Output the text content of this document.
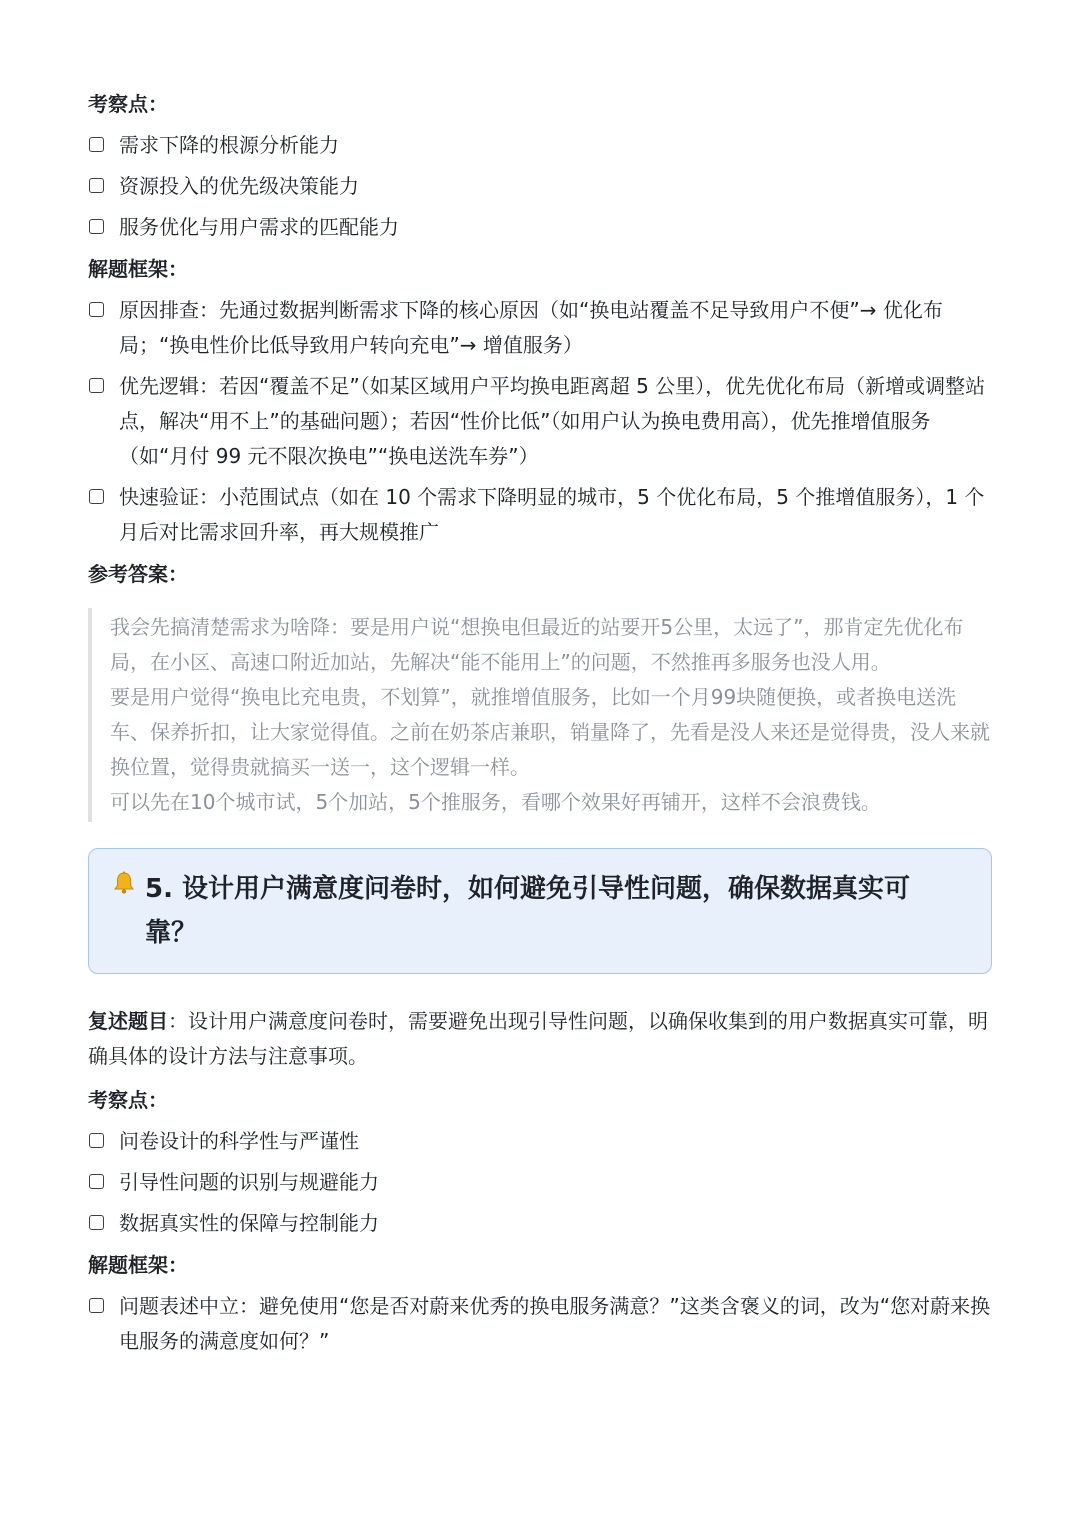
考察点：
需求下降的根源分析能力
资源投入的优先级决策能力
服务优化与用户需求的匹配能力
解题框架：
原因排查：先通过数据判断需求下降的核心原因（如“换电站覆盖不足导致用户不便”→ 优化布局；“换电性价比低导致用户转向充电”→ 增值服务）
优先逻辑：若因“覆盖不足”（如某区域用户平均换电距离超 5 公里），优先优化布局（新增或调整站点，解决“用不上”的基础问题）；若因“性价比低”（如用户认为换电费用高），优先推增值服务（如“月付 99 元不限次换电”“换电送洗车券”）
快速验证：小范围试点（如在 10 个需求下降明显的城市，5 个优化布局，5 个推增值服务），1 个月后对比需求回升率，再大规模推广
参考答案：

我会先搞清楚需求为啥降：要是用户说“想换电但最近的站要开5公里，太远了”，那肯定先优化布局，在小区、高速口附近加站，先解决“能不能用上”的问题，不然推再多服务也没人用。

要是用户觉得“换电比充电贵，不划算”，就推增值服务，比如一个月99块随便换，或者换电送洗车、保养折扣，让大家觉得值。之前在奶茶店兼职，销量降了，先看是没人来还是觉得贵，没人来就换位置，觉得贵就搞买一送一，这个逻辑一样。

可以先在10个城市试，5个加站，5个推服务，看哪个效果好再铺开，这样不会浪费钱。

5. 设计用户满意度问卷时，如何避免引导性问题，确保数据真实可靠？

复述题目：设计用户满意度问卷时，需要避免出现引导性问题，以确保收集到的用户数据真实可靠，明确具体的设计方法与注意事项。

考察点：
问卷设计的科学性与严谨性
引导性问题的识别与规避能力
数据真实性的保障与控制能力
解题框架：
问题表述中立：避免使用“您是否对蔚来优秀的换电服务满意？”这类含褒义的词，改为“您对蔚来换电服务的满意度如何？”
